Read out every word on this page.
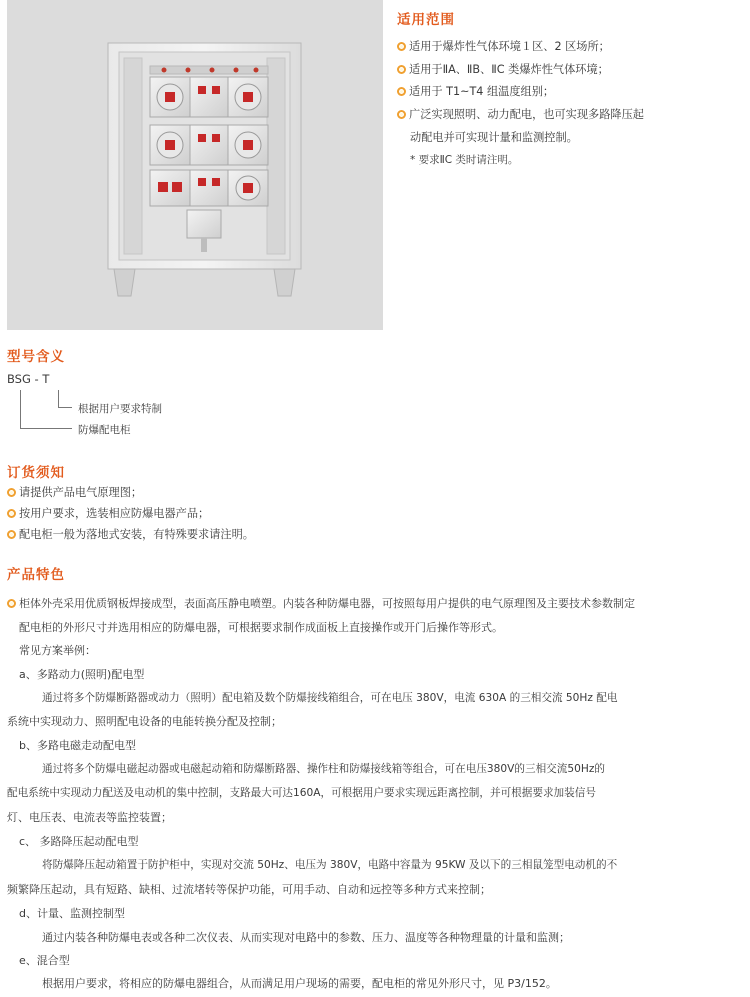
适用范围
适用于爆炸性气体环境１区、2 区场所；
适用于ⅡA、ⅡB、ⅡC 类爆炸性气体环境；
适用于 T1~T4 组温度组别；
广泛实现照明、动力配电，也可实现多路降压起
动配电并可实现计量和监测控制。
* 要求ⅡC 类时请注明。
型号含义
BSG - T
根据用户要求特制
防爆配电柜
订货须知
请提供产品电气原理图；
按用户要求，选装相应防爆电器产品；
配电柜一般为落地式安装，有特殊要求请注明。
产品特色
柜体外壳采用优质钢板焊接成型，表面高压静电喷塑。内装各种防爆电器，可按照每用户提供的电气原理图及主要技术参数制定
配电柜的外形尺寸并选用相应的防爆电器，可根据要求制作成面板上直接操作或开门后操作等形式。
常见方案举例：
a、多路动力(照明)配电型
通过将多个防爆断路器或动力（照明）配电箱及数个防爆接线箱组合，可在电压 380V，电流 630A 的三相交流 50Hz 配电
系统中实现动力、照明配电设备的电能转换分配及控制；
b、多路电磁走动配电型
通过将多个防爆电磁起动器或电磁起动箱和防爆断路器、操作柱和防爆接线箱等组合，可在电压380V的三相交流50Hz的
配电系统中实现动力配送及电动机的集中控制，支路最大可达160A，可根据用户要求实现远距离控制，并可根据要求加装信号
灯、电压表、电流表等监控装置；
c、 多路降压起动配电型
将防爆降压起动箱置于防护柜中，实现对交流 50Hz、电压为 380V，电路中容量为 95KW 及以下的三相鼠笼型电动机的不
频繁降压起动，具有短路、缺相、过流堵转等保护功能，可用手动、自动和远控等多种方式来控制；
d、计量、监测控制型
通过内装各种防爆电表或各种二次仪表、从而实现对电路中的参数、压力、温度等各种物理量的计量和监测；
e、混合型
根据用户要求，将相应的防爆电器组合，从而满足用户现场的需要，配电柜的常见外形尺寸，见 P3/152。
